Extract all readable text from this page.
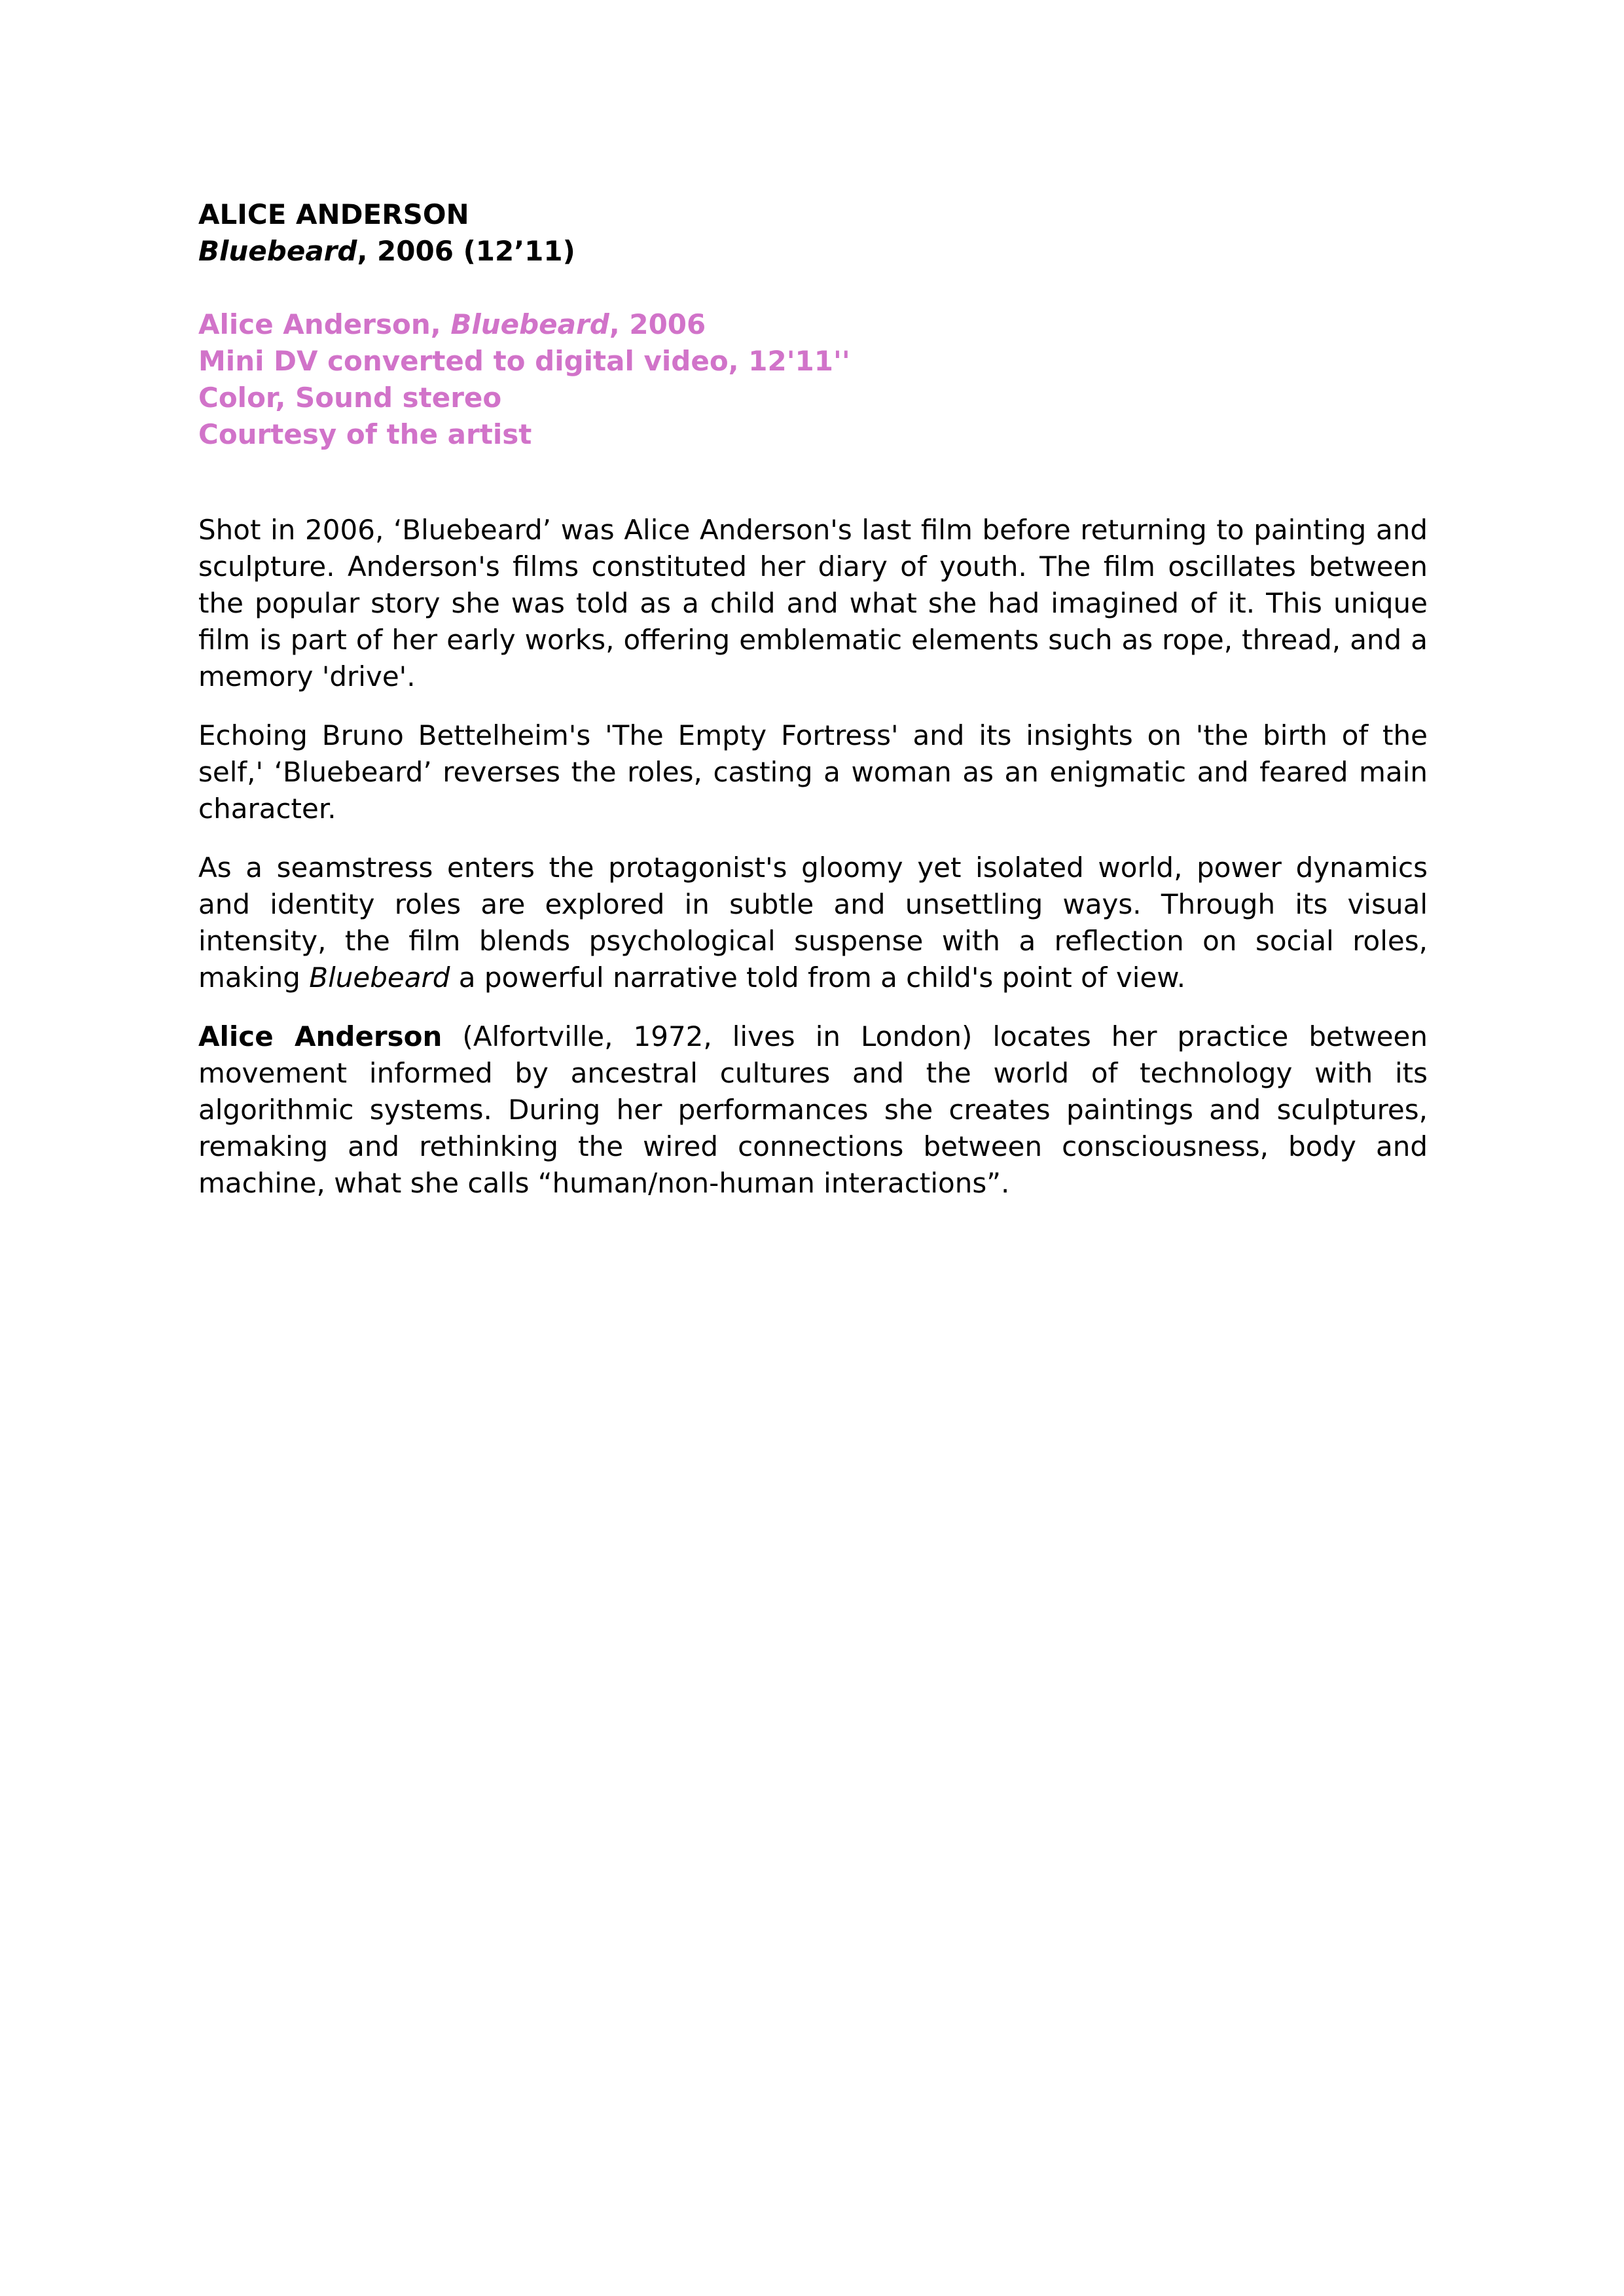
ALICE ANDERSON

Bluebeard, 2006 (12’11)

Alice Anderson, Bluebeard, 2006
Mini DV converted to digital video, 12'11''
Color, Sound stereo
Courtesy of the artist

Shot in 2006, ‘Bluebeard’ was Alice Anderson's last film before returning to painting and sculpture. Anderson's films constituted her diary of youth. The film oscillates between the popular story she was told as a child and what she had imagined of it. This unique film is part of her early works, offering emblematic elements such as rope, thread, and a memory 'drive'.

Echoing Bruno Bettelheim's 'The Empty Fortress' and its insights on 'the birth of the self,' ‘Bluebeard’ reverses the roles, casting a woman as an enigmatic and feared main character.

As a seamstress enters the protagonist's gloomy yet isolated world, power dynamics and identity roles are explored in subtle and unsettling ways. Through its visual intensity, the film blends psychological suspense with a reflection on social roles, making Bluebeard a powerful narrative told from a child's point of view.

Alice Anderson (Alfortville, 1972, lives in London) locates her practice between movement informed by ancestral cultures and the world of technology with its algorithmic systems. During her performances she creates paintings and sculptures, remaking and rethinking the wired connections between consciousness, body and machine, what she calls “human/non-human interactions”.
